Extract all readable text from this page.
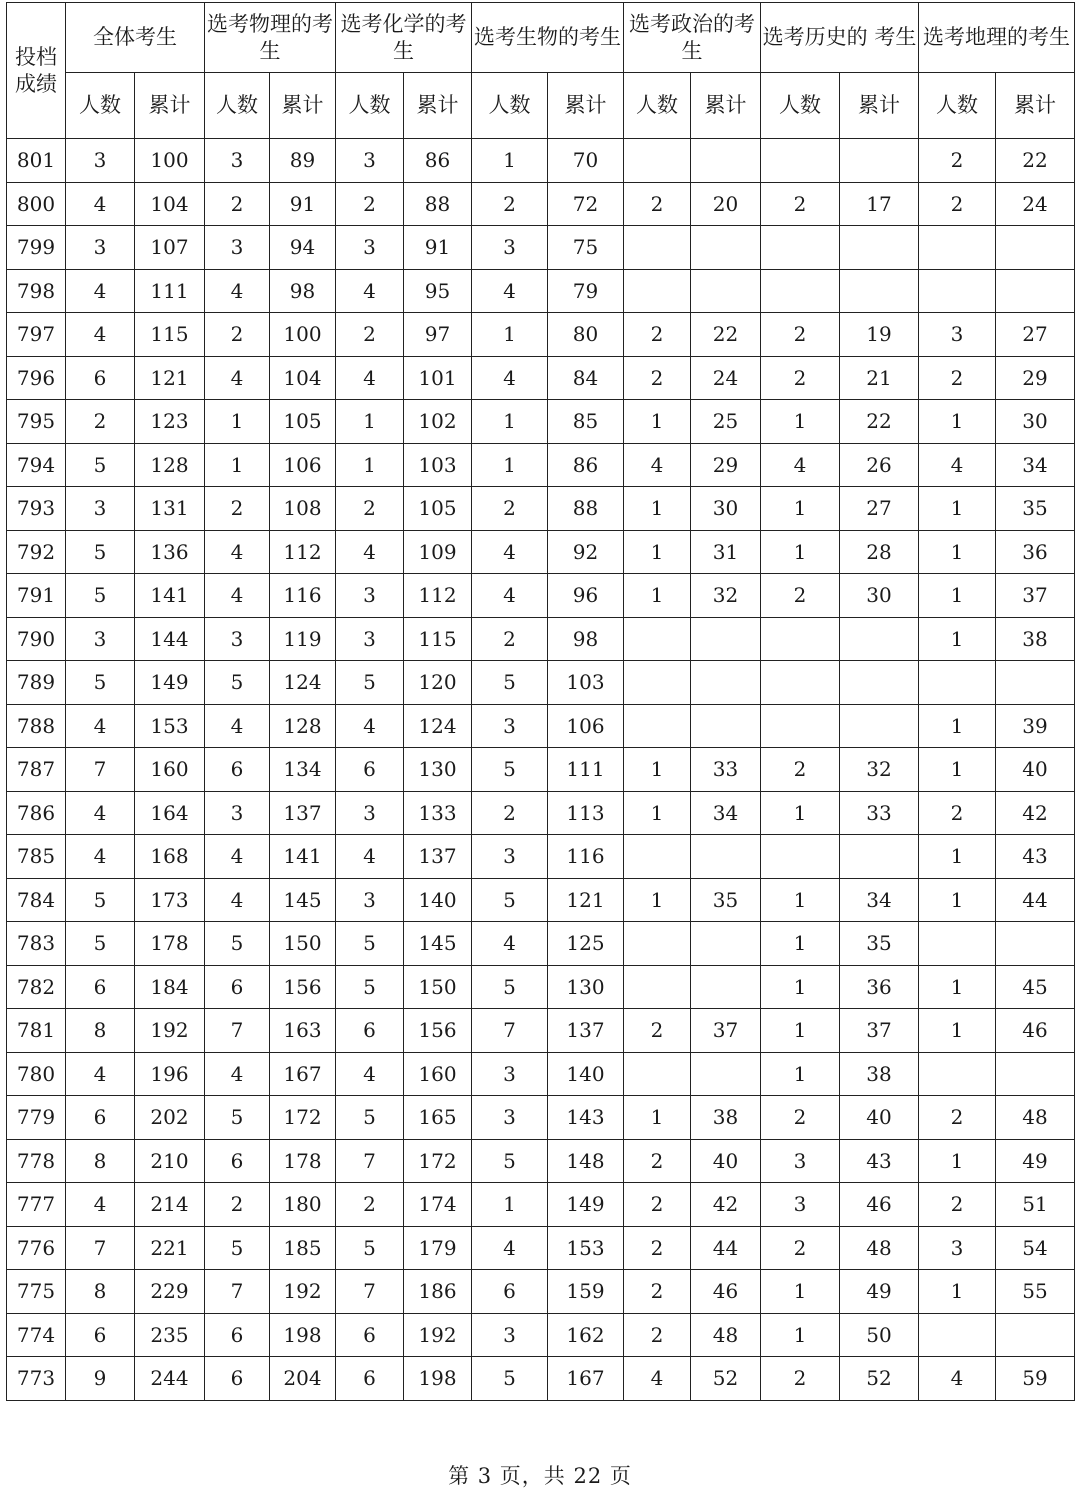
投档
成绩	全体考生		选考物理的考生		选考化学的考生		选考生物的考生		选考政治的考生		选考历史的 考生		选考地理的考生	
	人数	累计	人数	累计	人数	累计	人数	累计	人数	累计	人数	累计	人数	累计
801	3	100	3	89	3	86	1	70					2	22
800	4	104	2	91	2	88	2	72	2	20	2	17	2	24
799	3	107	3	94	3	91	3	75						
798	4	111	4	98	4	95	4	79						
797	4	115	2	100	2	97	1	80	2	22	2	19	3	27
796	6	121	4	104	4	101	4	84	2	24	2	21	2	29
795	2	123	1	105	1	102	1	85	1	25	1	22	1	30
794	5	128	1	106	1	103	1	86	4	29	4	26	4	34
793	3	131	2	108	2	105	2	88	1	30	1	27	1	35
792	5	136	4	112	4	109	4	92	1	31	1	28	1	36
791	5	141	4	116	3	112	4	96	1	32	2	30	1	37
790	3	144	3	119	3	115	2	98					1	38
789	5	149	5	124	5	120	5	103						
788	4	153	4	128	4	124	3	106					1	39
787	7	160	6	134	6	130	5	111	1	33	2	32	1	40
786	4	164	3	137	3	133	2	113	1	34	1	33	2	42
785	4	168	4	141	4	137	3	116					1	43
784	5	173	4	145	3	140	5	121	1	35	1	34	1	44
783	5	178	5	150	5	145	4	125			1	35		
782	6	184	6	156	5	150	5	130			1	36	1	45
781	8	192	7	163	6	156	7	137	2	37	1	37	1	46
780	4	196	4	167	4	160	3	140			1	38		
779	6	202	5	172	5	165	3	143	1	38	2	40	2	48
778	8	210	6	178	7	172	5	148	2	40	3	43	1	49
777	4	214	2	180	2	174	1	149	2	42	3	46	2	51
776	7	221	5	185	5	179	4	153	2	44	2	48	3	54
775	8	229	7	192	7	186	6	159	2	46	1	49	1	55
774	6	235	6	198	6	192	3	162	2	48	1	50		
773	9	244	6	204	6	198	5	167	4	52	2	52	4	59
第 3 页，共 22 页
